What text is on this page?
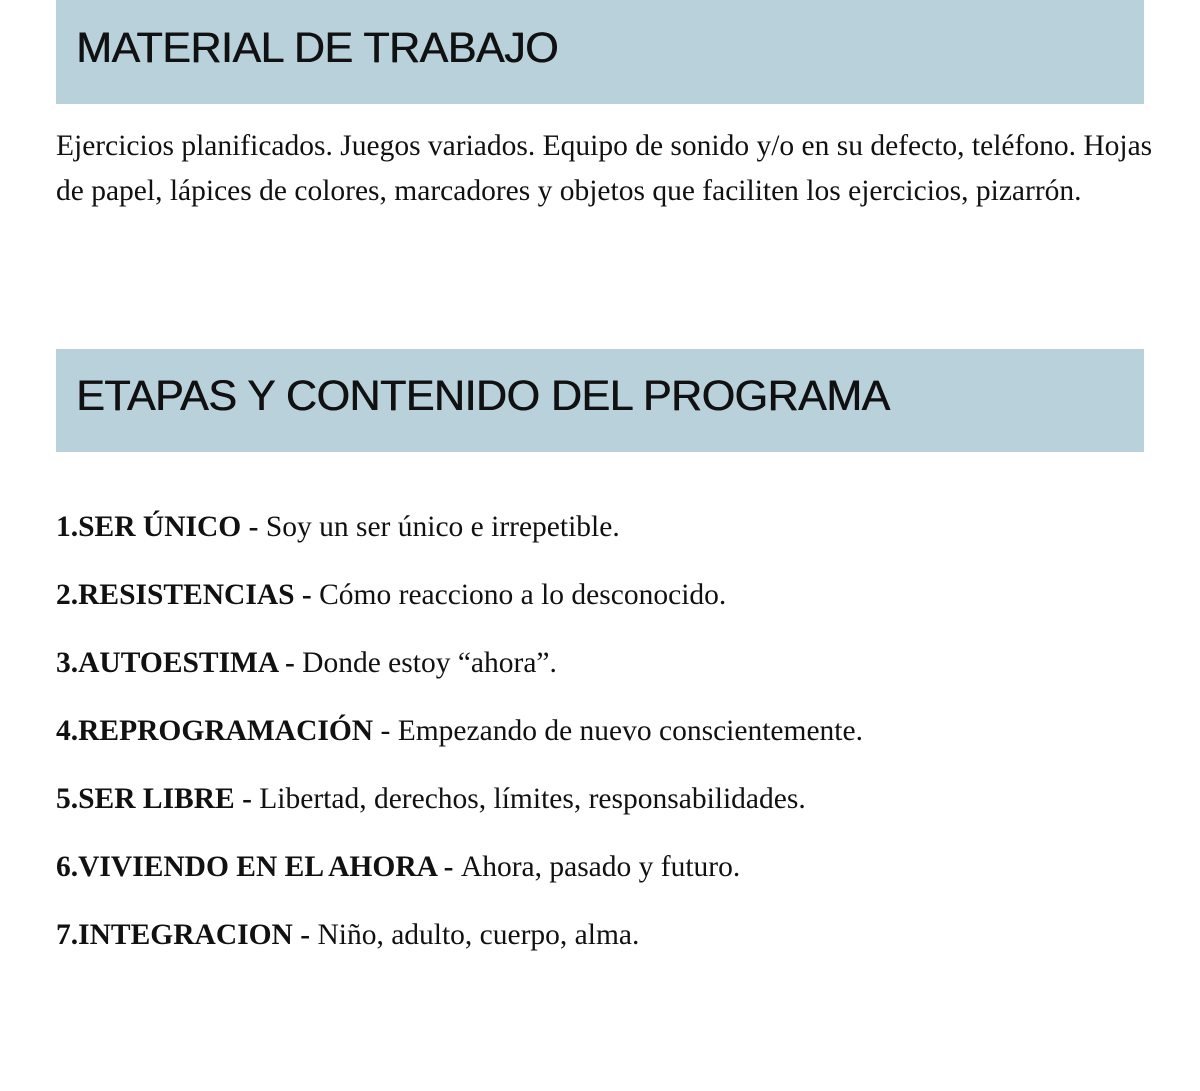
MATERIAL DE TRABAJO

Ejercicios planificados. Juegos variados. Equipo de sonido y/o en su defecto, teléfono. Hojas de papel, lápices de colores, marcadores y objetos que faciliten los ejercicios, pizarrón.

ETAPAS Y CONTENIDO DEL PROGRAMA
1.SER ÚNICO - Soy un ser único e irrepetible.
2.RESISTENCIAS - Cómo reacciono a lo desconocido.
3.AUTOESTIMA - Donde estoy “ahora”.
4.REPROGRAMACIÓN - Empezando de nuevo conscientemente.
5.SER LIBRE - Libertad, derechos, límites, responsabilidades.
6.VIVIENDO EN EL AHORA - Ahora, pasado y futuro.
7.INTEGRACION - Niño, adulto, cuerpo, alma.
